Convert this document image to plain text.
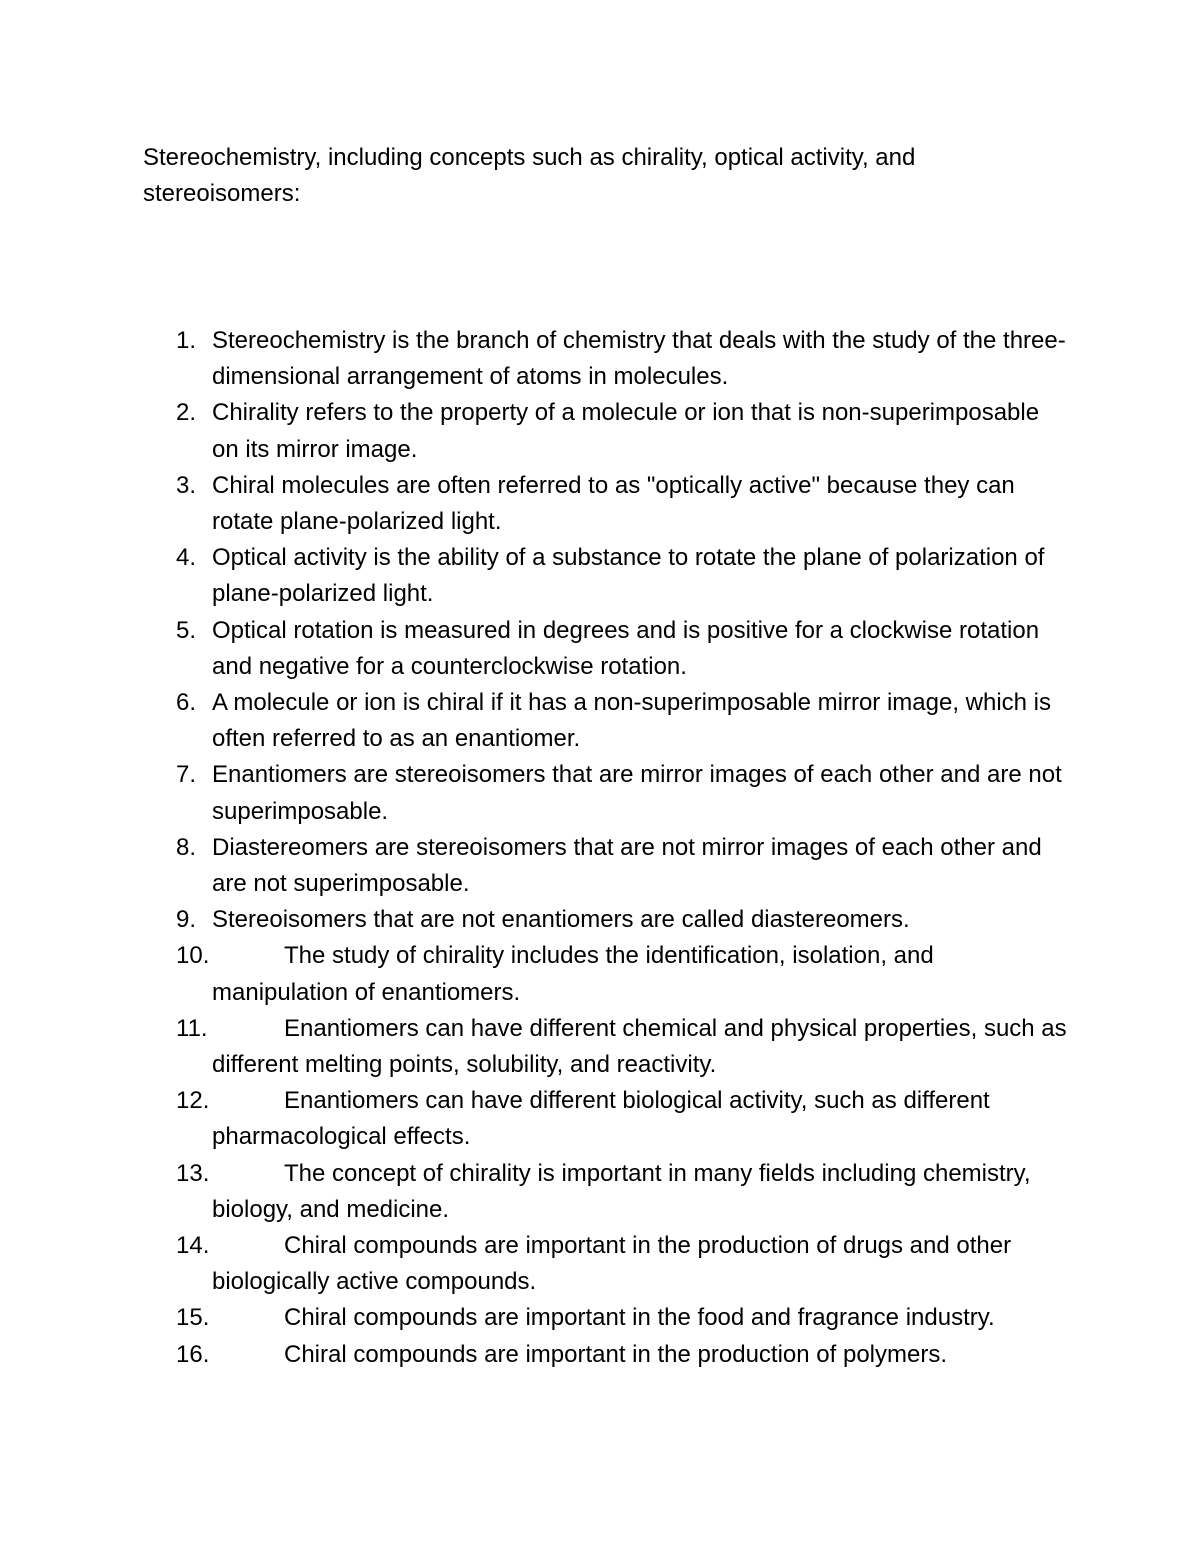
Stereochemistry, including concepts such as chirality, optical activity, and stereoisomers:

1. Stereochemistry is the branch of chemistry that deals with the study of the three-dimensional arrangement of atoms in molecules.
2. Chirality refers to the property of a molecule or ion that is non-superimposable on its mirror image.
3. Chiral molecules are often referred to as "optically active" because they can rotate plane-polarized light.
4. Optical activity is the ability of a substance to rotate the plane of polarization of plane-polarized light.
5. Optical rotation is measured in degrees and is positive for a clockwise rotation and negative for a counterclockwise rotation.
6. A molecule or ion is chiral if it has a non-superimposable mirror image, which is often referred to as an enantiomer.
7. Enantiomers are stereoisomers that are mirror images of each other and are not superimposable.
8. Diastereomers are stereoisomers that are not mirror images of each other and are not superimposable.
9. Stereoisomers that are not enantiomers are called diastereomers.
10.	The study of chirality includes the identification, isolation, and manipulation of enantiomers.
11.	Enantiomers can have different chemical and physical properties, such as different melting points, solubility, and reactivity.
12.	Enantiomers can have different biological activity, such as different pharmacological effects.
13.	The concept of chirality is important in many fields including chemistry, biology, and medicine.
14.	Chiral compounds are important in the production of drugs and other biologically active compounds.
15.	Chiral compounds are important in the food and fragrance industry.
16.	Chiral compounds are important in the production of polymers.
